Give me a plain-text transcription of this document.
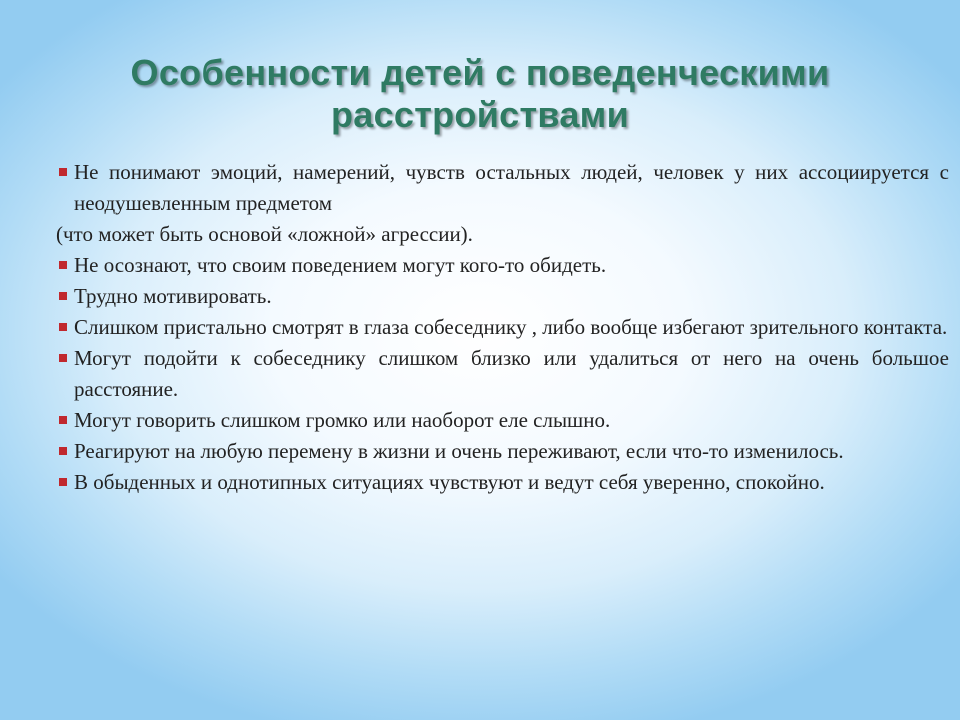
Особенности детей с поведенческими
расстройствами

Не понимают эмоций, намерений, чувств остальных людей, человек у них ассоциируется с неодушевленным предметом

(что может быть основой «ложной» агрессии).

Не осознают, что своим поведением могут кого-то обидеть.

Трудно мотивировать.

Слишком пристально смотрят в глаза собеседнику , либо вообще избегают зрительного контакта.

Могут подойти к собеседнику слишком близко или удалиться от него на очень большое расстояние.

Могут говорить слишком громко или наоборот еле слышно.

Реагируют на любую перемену в жизни и очень переживают, если что-то изменилось.

В обыденных и однотипных ситуациях чувствуют и ведут себя уверенно, спокойно.
